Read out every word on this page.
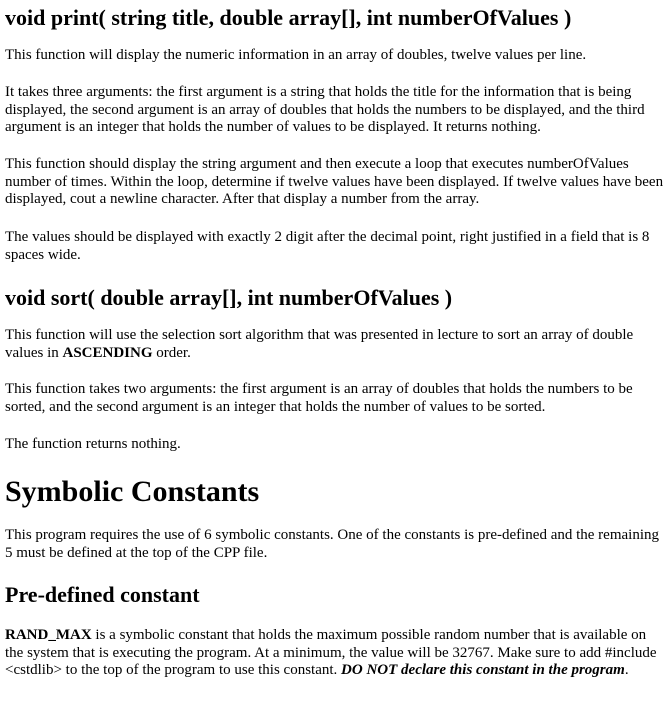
void print( string title, double array[], int numberOfValues )

This function will display the numeric information in an array of doubles, twelve values per line.

It takes three arguments: the first argument is a string that holds the title for the information that is being displayed, the second argument is an array of doubles that holds the numbers to be displayed, and the third argument is an integer that holds the number of values to be displayed. It returns nothing.

This function should display the string argument and then execute a loop that executes numberOfValues number of times. Within the loop, determine if twelve values have been displayed. If twelve values have been displayed, cout a newline character. After that display a number from the array.

The values should be displayed with exactly 2 digit after the decimal point, right justified in a field that is 8 spaces wide.

void sort( double array[], int numberOfValues )

This function will use the selection sort algorithm that was presented in lecture to sort an array of double values in ASCENDING order.

This function takes two arguments: the first argument is an array of doubles that holds the numbers to be sorted, and the second argument is an integer that holds the number of values to be sorted.

The function returns nothing.

Symbolic Constants

This program requires the use of 6 symbolic constants. One of the constants is pre-defined and the remaining 5 must be defined at the top of the CPP file.

Pre-defined constant

RAND_MAX is a symbolic constant that holds the maximum possible random number that is available on the system that is executing the program. At a minimum, the value will be 32767. Make sure to add #include <cstdlib> to the top of the program to use this constant. DO NOT declare this constant in the program.
